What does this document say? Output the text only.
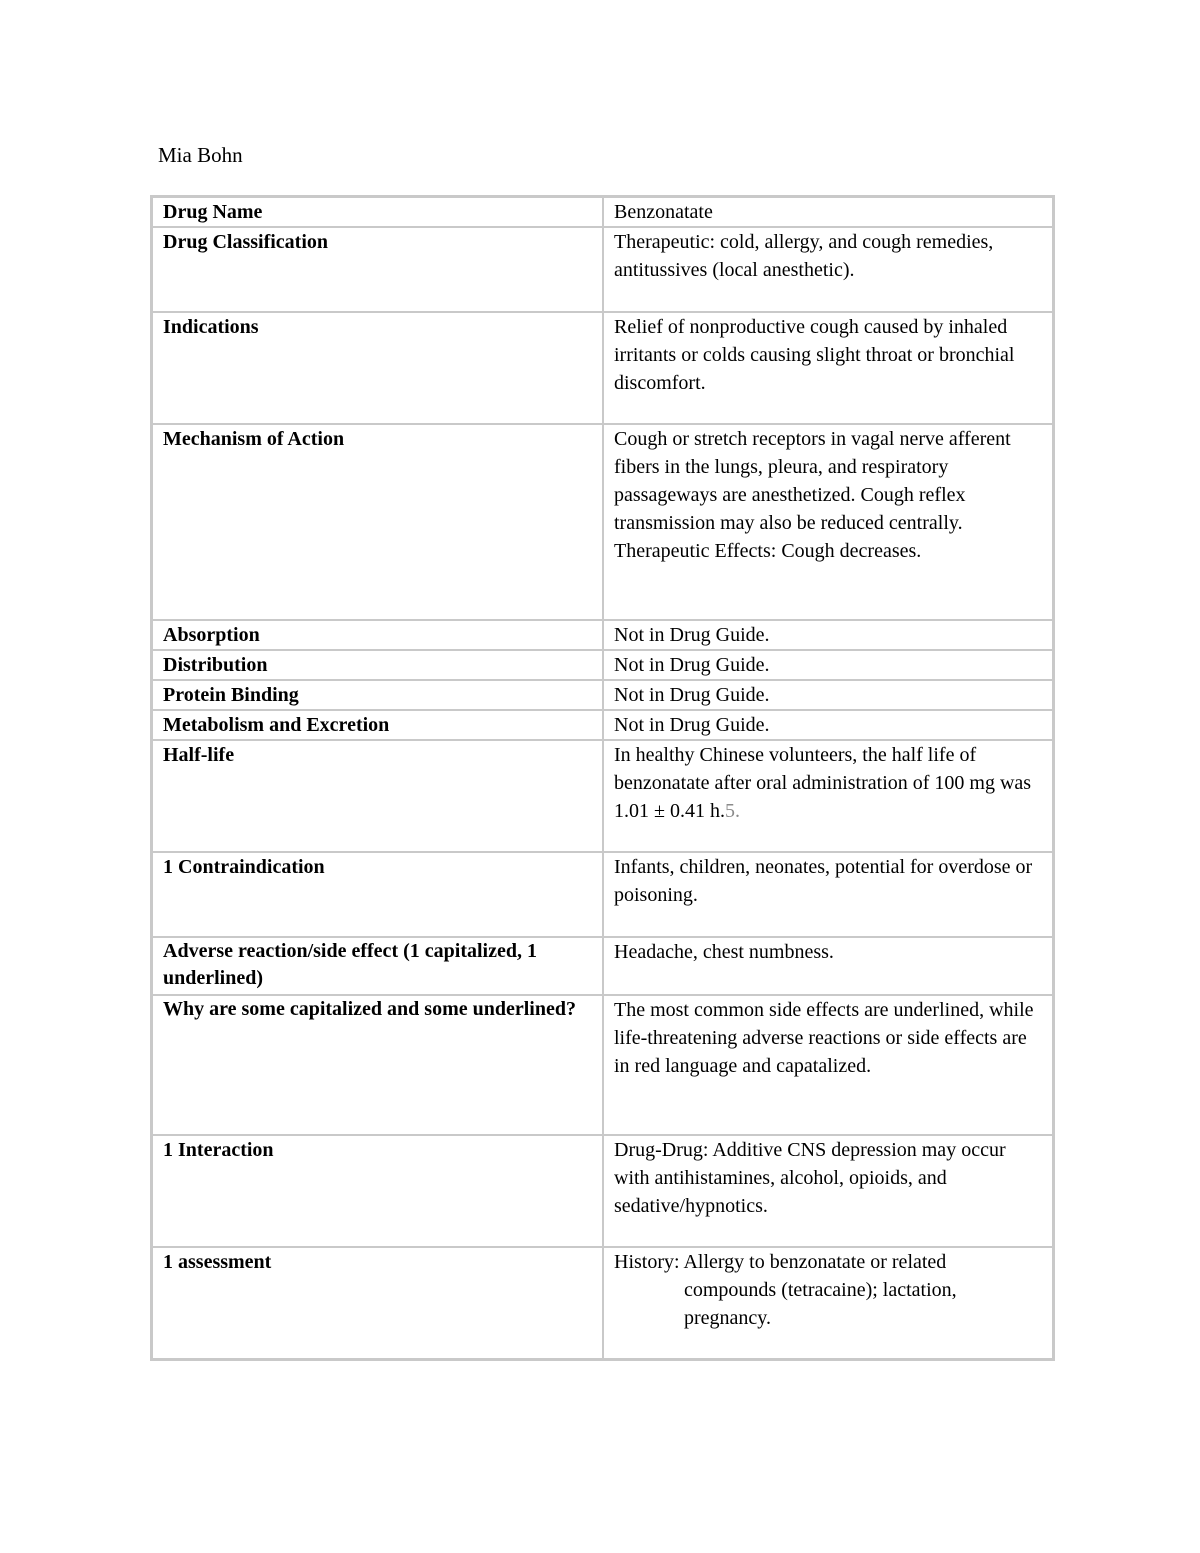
Mia Bohn
Drug Name	Benzonatate
Drug Classification	Therapeutic: cold, allergy, and cough remedies, antitussives (local anesthetic).
Indications	Relief of nonproductive cough caused by inhaled irritants or colds causing slight throat or bronchial discomfort.
Mechanism of Action	Cough or stretch receptors in vagal nerve afferent fibers in the lungs, pleura, and respiratory passageways are anesthetized. Cough reflex transmission may also be reduced centrally. Therapeutic Effects: Cough decreases.
Absorption	Not in Drug Guide.
Distribution	Not in Drug Guide.
Protein Binding	Not in Drug Guide.
Metabolism and Excretion	Not in Drug Guide.
Half-life	In healthy Chinese volunteers, the half life of benzonatate after oral administration of 100 mg was 1.01 ± 0.41 h.5.
1 Contraindication	Infants, children, neonates, potential for overdose or poisoning.
Adverse reaction/side effect (1 capitalized, 1 underlined)	Headache, chest numbness.
Why are some capitalized and some underlined?	The most common side effects are underlined, while life-threatening adverse reactions or side effects are in red language and capatalized.
1 Interaction	Drug-Drug: Additive CNS depression may occur with antihistamines, alcohol, opioids, and sedative/hypnotics.
1 assessment	History: Allergy to benzonatate or related
compounds (tetracaine); lactation, pregnancy.
